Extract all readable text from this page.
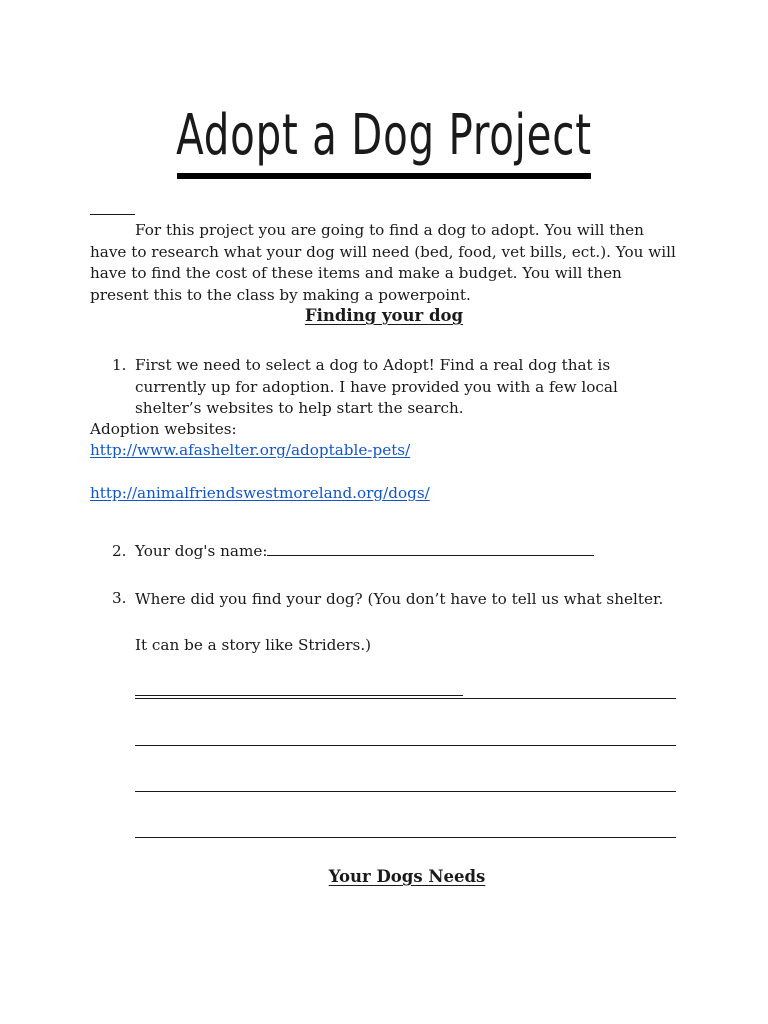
Adopt a Dog Project
For this project you are going to find a dog to adopt. You will then have to research what your dog will need (bed, food, vet bills, ect.). You will have to find the cost of these items and make a budget. You will then present this to the class by making a powerpoint.
Finding your dog
1. First we need to select a dog to Adopt! Find a real dog that is currently up for adoption. I have provided you with a few local shelter’s websites to help start the search.
Adoption websites:
http://www.afashelter.org/adoptable-pets/
http://animalfriendswestmoreland.org/dogs/
2. Your dog's name:
3. Where did you find your dog? (You don’t have to tell us what shelter. It can be a story like Striders.)
Your Dogs Needs
